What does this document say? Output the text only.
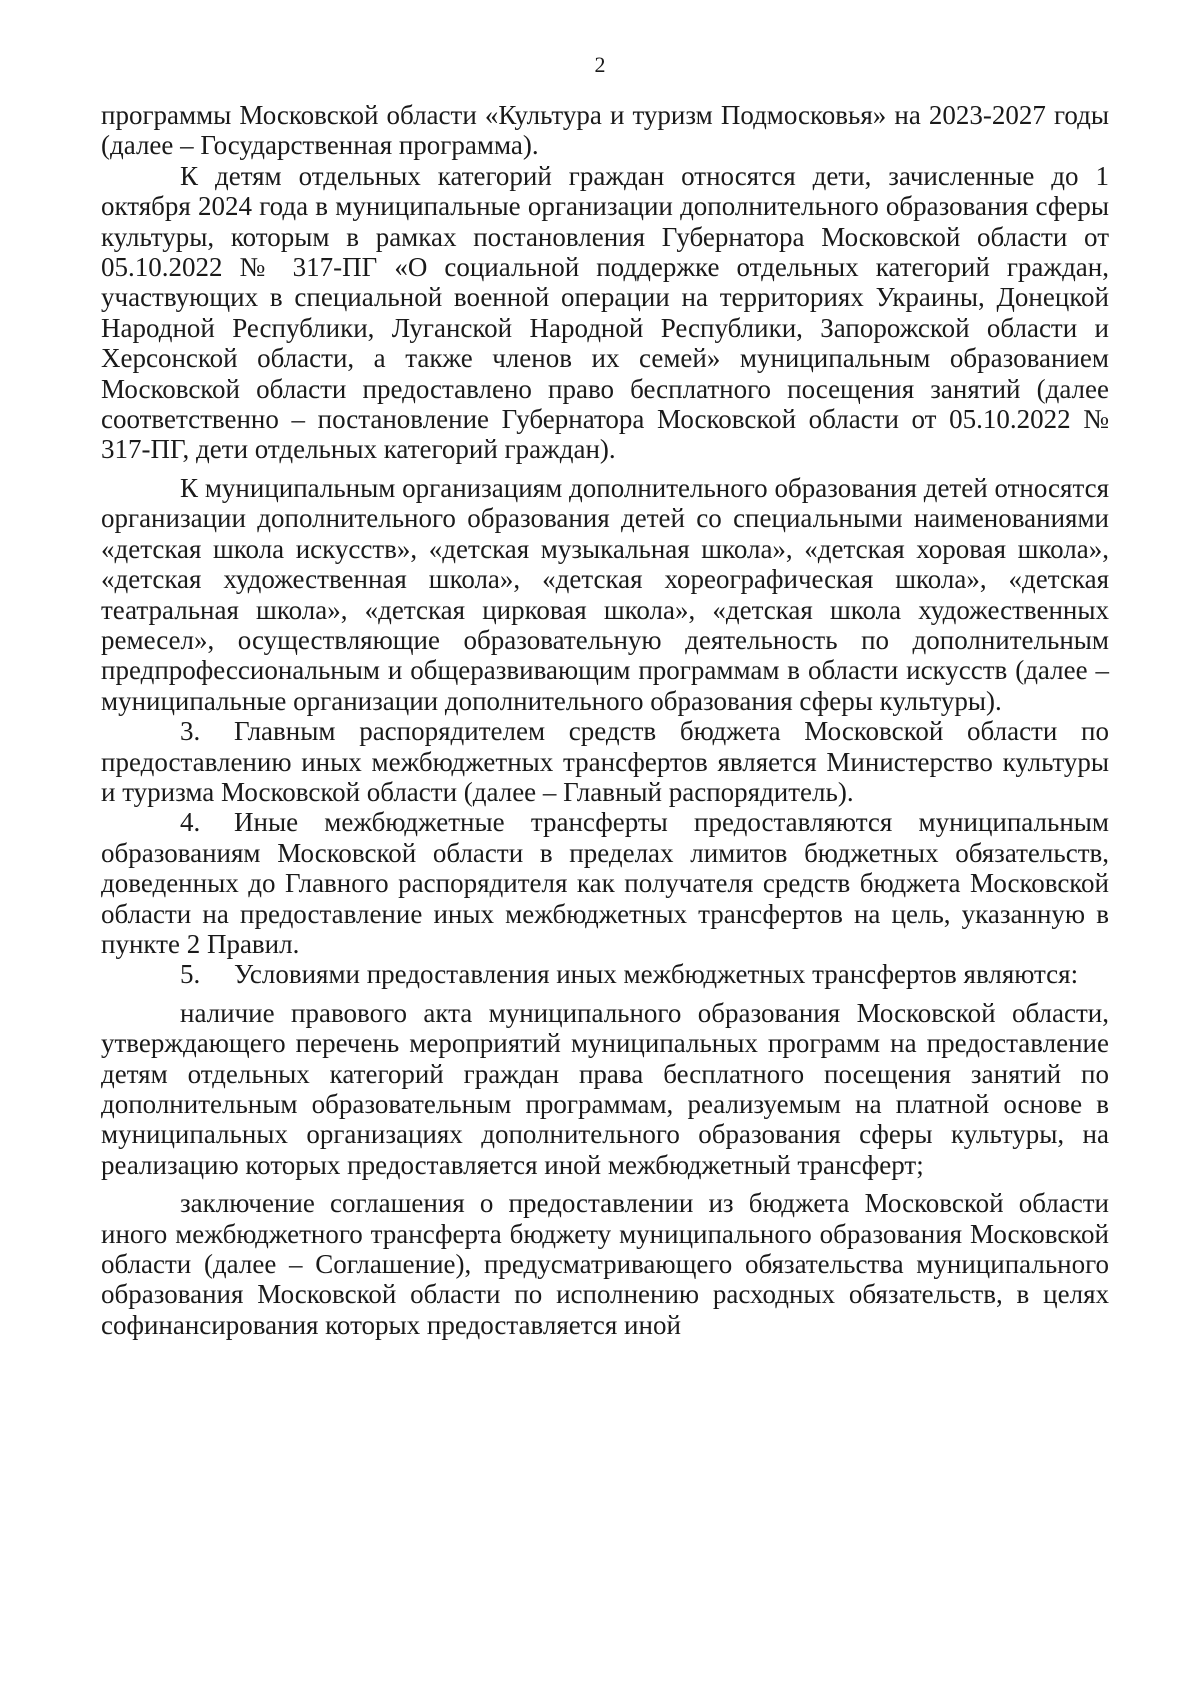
2

программы Московской области «Культура и туризм Подмосковья» на 2023-2027 годы (далее – Государственная программа).

К детям отдельных категорий граждан относятся дети, зачисленные до 1 октября 2024 года в муниципальные организации дополнительного образования сферы культуры, которым в рамках постановления Губернатора Московской области от 05.10.2022 № 317-ПГ «О социальной поддержке отдельных категорий граждан, участвующих в специальной военной операции на территориях Украины, Донецкой Народной Республики, Луганской Народной Республики, Запорожской области и Херсонской области, а также членов их семей» муниципальным образованием Московской области предоставлено право бесплатного посещения занятий (далее соответственно – постановление Губернатора Московской области от 05.10.2022 № 317-ПГ, дети отдельных категорий граждан).

К муниципальным организациям дополнительного образования детей относятся организации дополнительного образования детей со специальными наименованиями «детская школа искусств», «детская музыкальная школа», «детская хоровая школа», «детская художественная школа», «детская хореографическая школа», «детская театральная школа», «детская цирковая школа», «детская школа художественных ремесел», осуществляющие образовательную деятельность по дополнительным предпрофессиональным и общеразвивающим программам в области искусств (далее – муниципальные организации дополнительного образования сферы культуры).

3. Главным распорядителем средств бюджета Московской области по предоставлению иных межбюджетных трансфертов является Министерство культуры и туризма Московской области (далее – Главный распорядитель).

4. Иные межбюджетные трансферты предоставляются муниципальным образованиям Московской области в пределах лимитов бюджетных обязательств, доведенных до Главного распорядителя как получателя средств бюджета Московской области на предоставление иных межбюджетных трансфертов на цель, указанную в пункте 2 Правил.

5. Условиями предоставления иных межбюджетных трансфертов являются:

наличие правового акта муниципального образования Московской области, утверждающего перечень мероприятий муниципальных программ на предоставление детям отдельных категорий граждан права бесплатного посещения занятий по дополнительным образовательным программам, реализуемым на платной основе в муниципальных организациях дополнительного образования сферы культуры, на реализацию которых предоставляется иной межбюджетный трансферт;

заключение соглашения о предоставлении из бюджета Московской области иного межбюджетного трансферта бюджету муниципального образования Московской области (далее – Соглашение), предусматривающего обязательства муниципального образования Московской области по исполнению расходных обязательств, в целях софинансирования которых предоставляется иной
